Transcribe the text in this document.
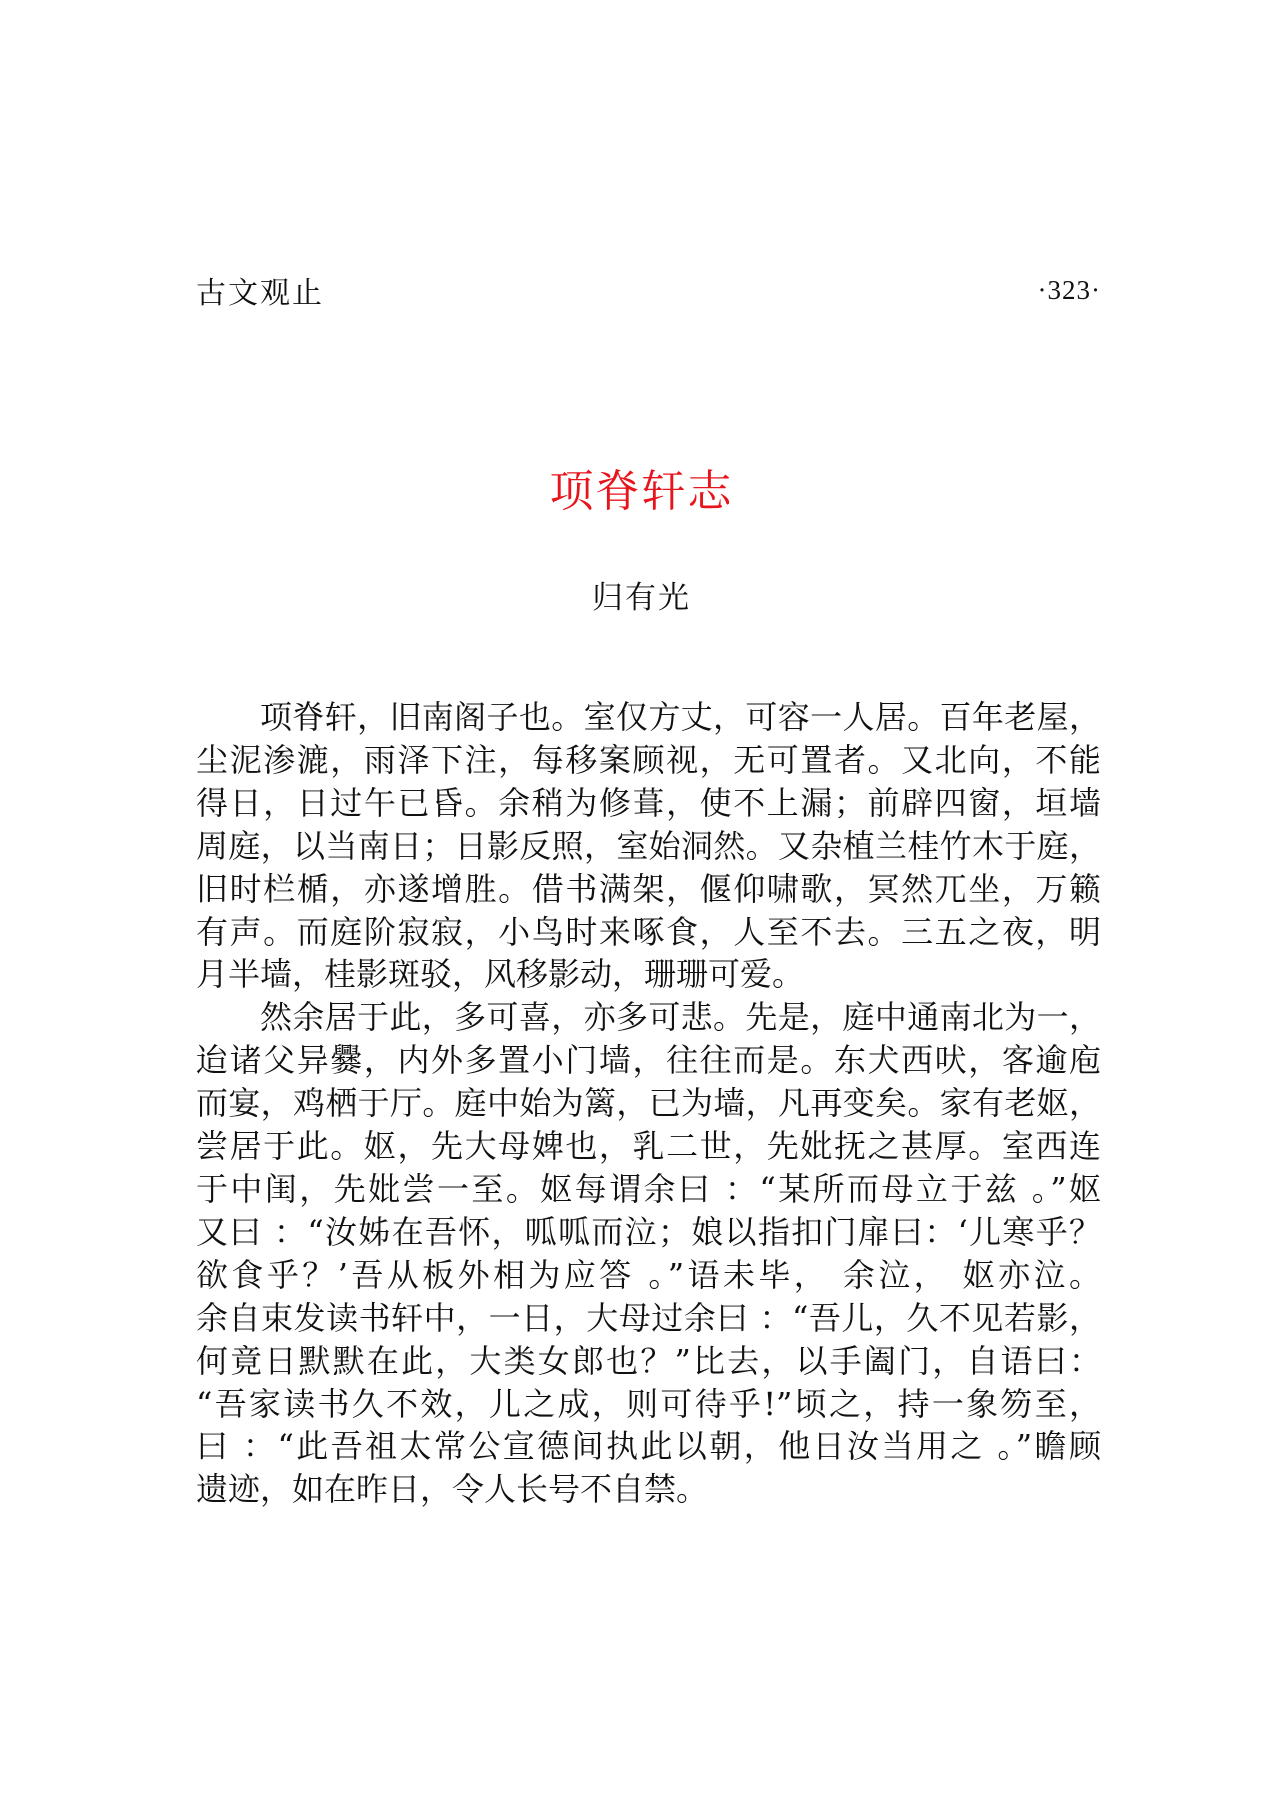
古文观止	·323·
项脊轩志
归有光
项脊轩，旧南阁子也。室仅方丈，可容一人居。百年老屋，
尘泥渗漉，雨泽下注，每移案顾视，无可置者。又北向，不能
得日，日过午已昏。余稍为修葺，使不上漏；前辟四窗，垣墙
周庭，以当南日；日影反照，室始洞然。又杂植兰桂竹木于庭，
旧时栏楯，亦遂增胜。借书满架，偃仰啸歌，冥然兀坐，万籁
有声。而庭阶寂寂，小鸟时来啄食，人至不去。三五之夜，明
月半墙，桂影斑驳，风移影动，珊珊可爱。
然余居于此，多可喜，亦多可悲。先是，庭中通南北为一，
迨诸父异爨，内外多置小门墙，往往而是。东犬西吠，客逾庖
而宴，鸡栖于厅。庭中始为篱，已为墙，凡再变矣。家有老妪，
尝居于此。妪，先大母婢也，乳二世，先妣抚之甚厚。室西连
于中闺，先妣尝一至。妪每谓余曰 ：“某所而母立于兹 。”妪
又曰 ：“汝姊在吾怀，呱呱而泣；娘以指扣门扉曰：‘儿寒乎？
欲食乎？’吾从板外相为应答 。”语未毕， 余泣， 妪亦泣。
余自束发读书轩中，一日，大母过余曰 ：“吾儿，久不见若影，
何竟日默默在此，大类女郎也？”比去，以手阖门，自语曰：
“吾家读书久不效，儿之成，则可待乎!”顷之，持一象笏至，
曰 ：“此吾祖太常公宣德间执此以朝，他日汝当用之 。”瞻顾
遗迹，如在昨日，令人长号不自禁。
